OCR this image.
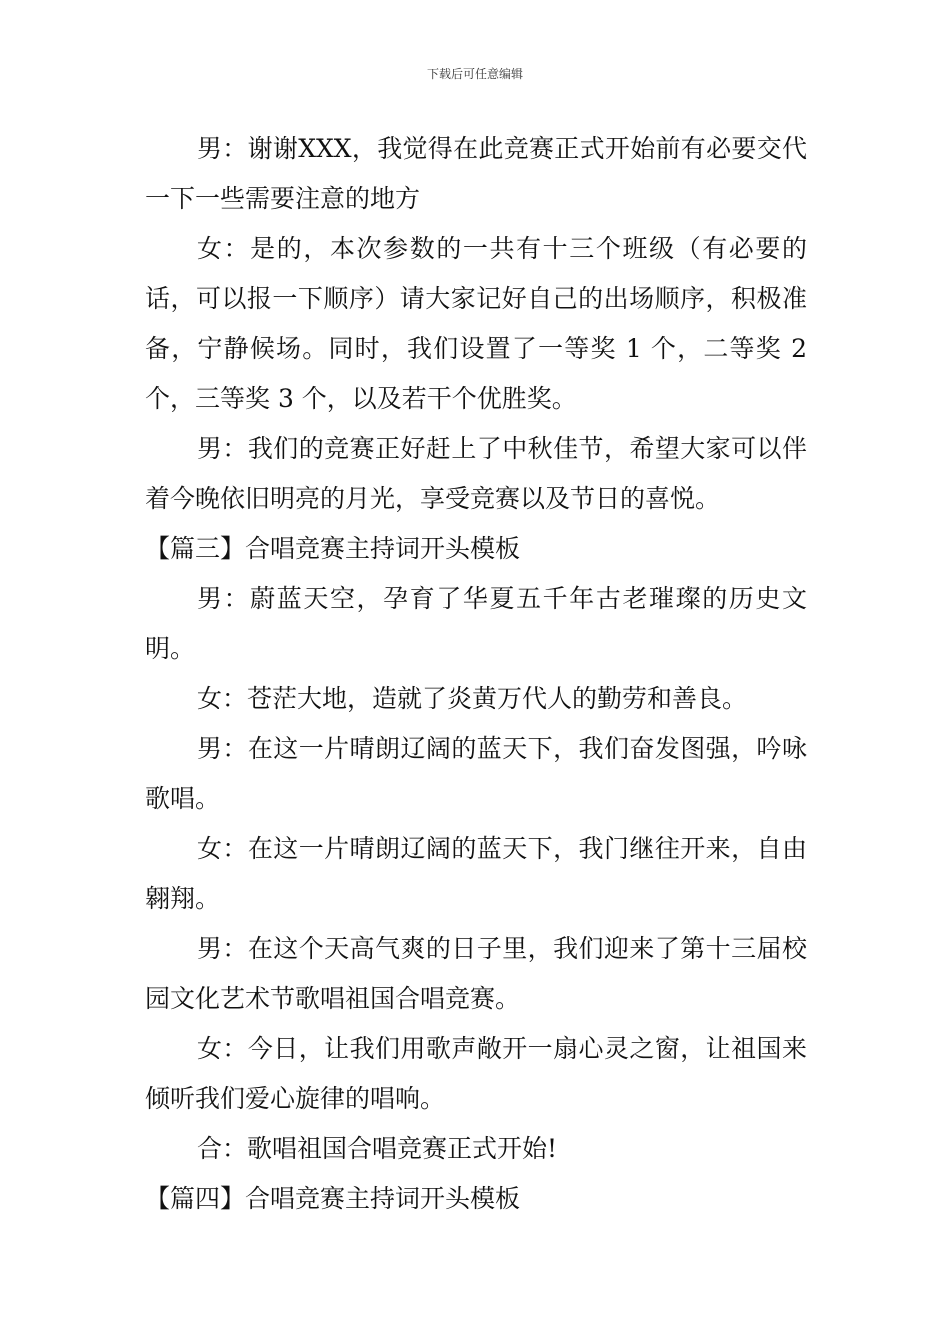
下载后可任意编辑

男：谢谢XXX，我觉得在此竞赛正式开始前有必要交代一下一些需要注意的地方

女：是的，本次参数的一共有十三个班级（有必要的话，可以报一下顺序）请大家记好自己的出场顺序，积极准备，宁静候场。同时，我们设置了一等奖 1 个，二等奖 2 个，三等奖 3 个，以及若干个优胜奖。

男：我们的竞赛正好赶上了中秋佳节，希望大家可以伴着今晚依旧明亮的月光，享受竞赛以及节日的喜悦。

【篇三】合唱竞赛主持词开头模板

男：蔚蓝天空，孕育了华夏五千年古老璀璨的历史文明。

女：苍茫大地，造就了炎黄万代人的勤劳和善良。

男：在这一片晴朗辽阔的蓝天下，我们奋发图强，吟咏歌唱。

女：在这一片晴朗辽阔的蓝天下，我门继往开来，自由翱翔。

男：在这个天高气爽的日子里，我们迎来了第十三届校园文化艺术节歌唱祖国合唱竞赛。

女：今日，让我们用歌声敞开一扇心灵之窗，让祖国来倾听我们爱心旋律的唱响。

合：歌唱祖国合唱竞赛正式开始!

【篇四】合唱竞赛主持词开头模板
